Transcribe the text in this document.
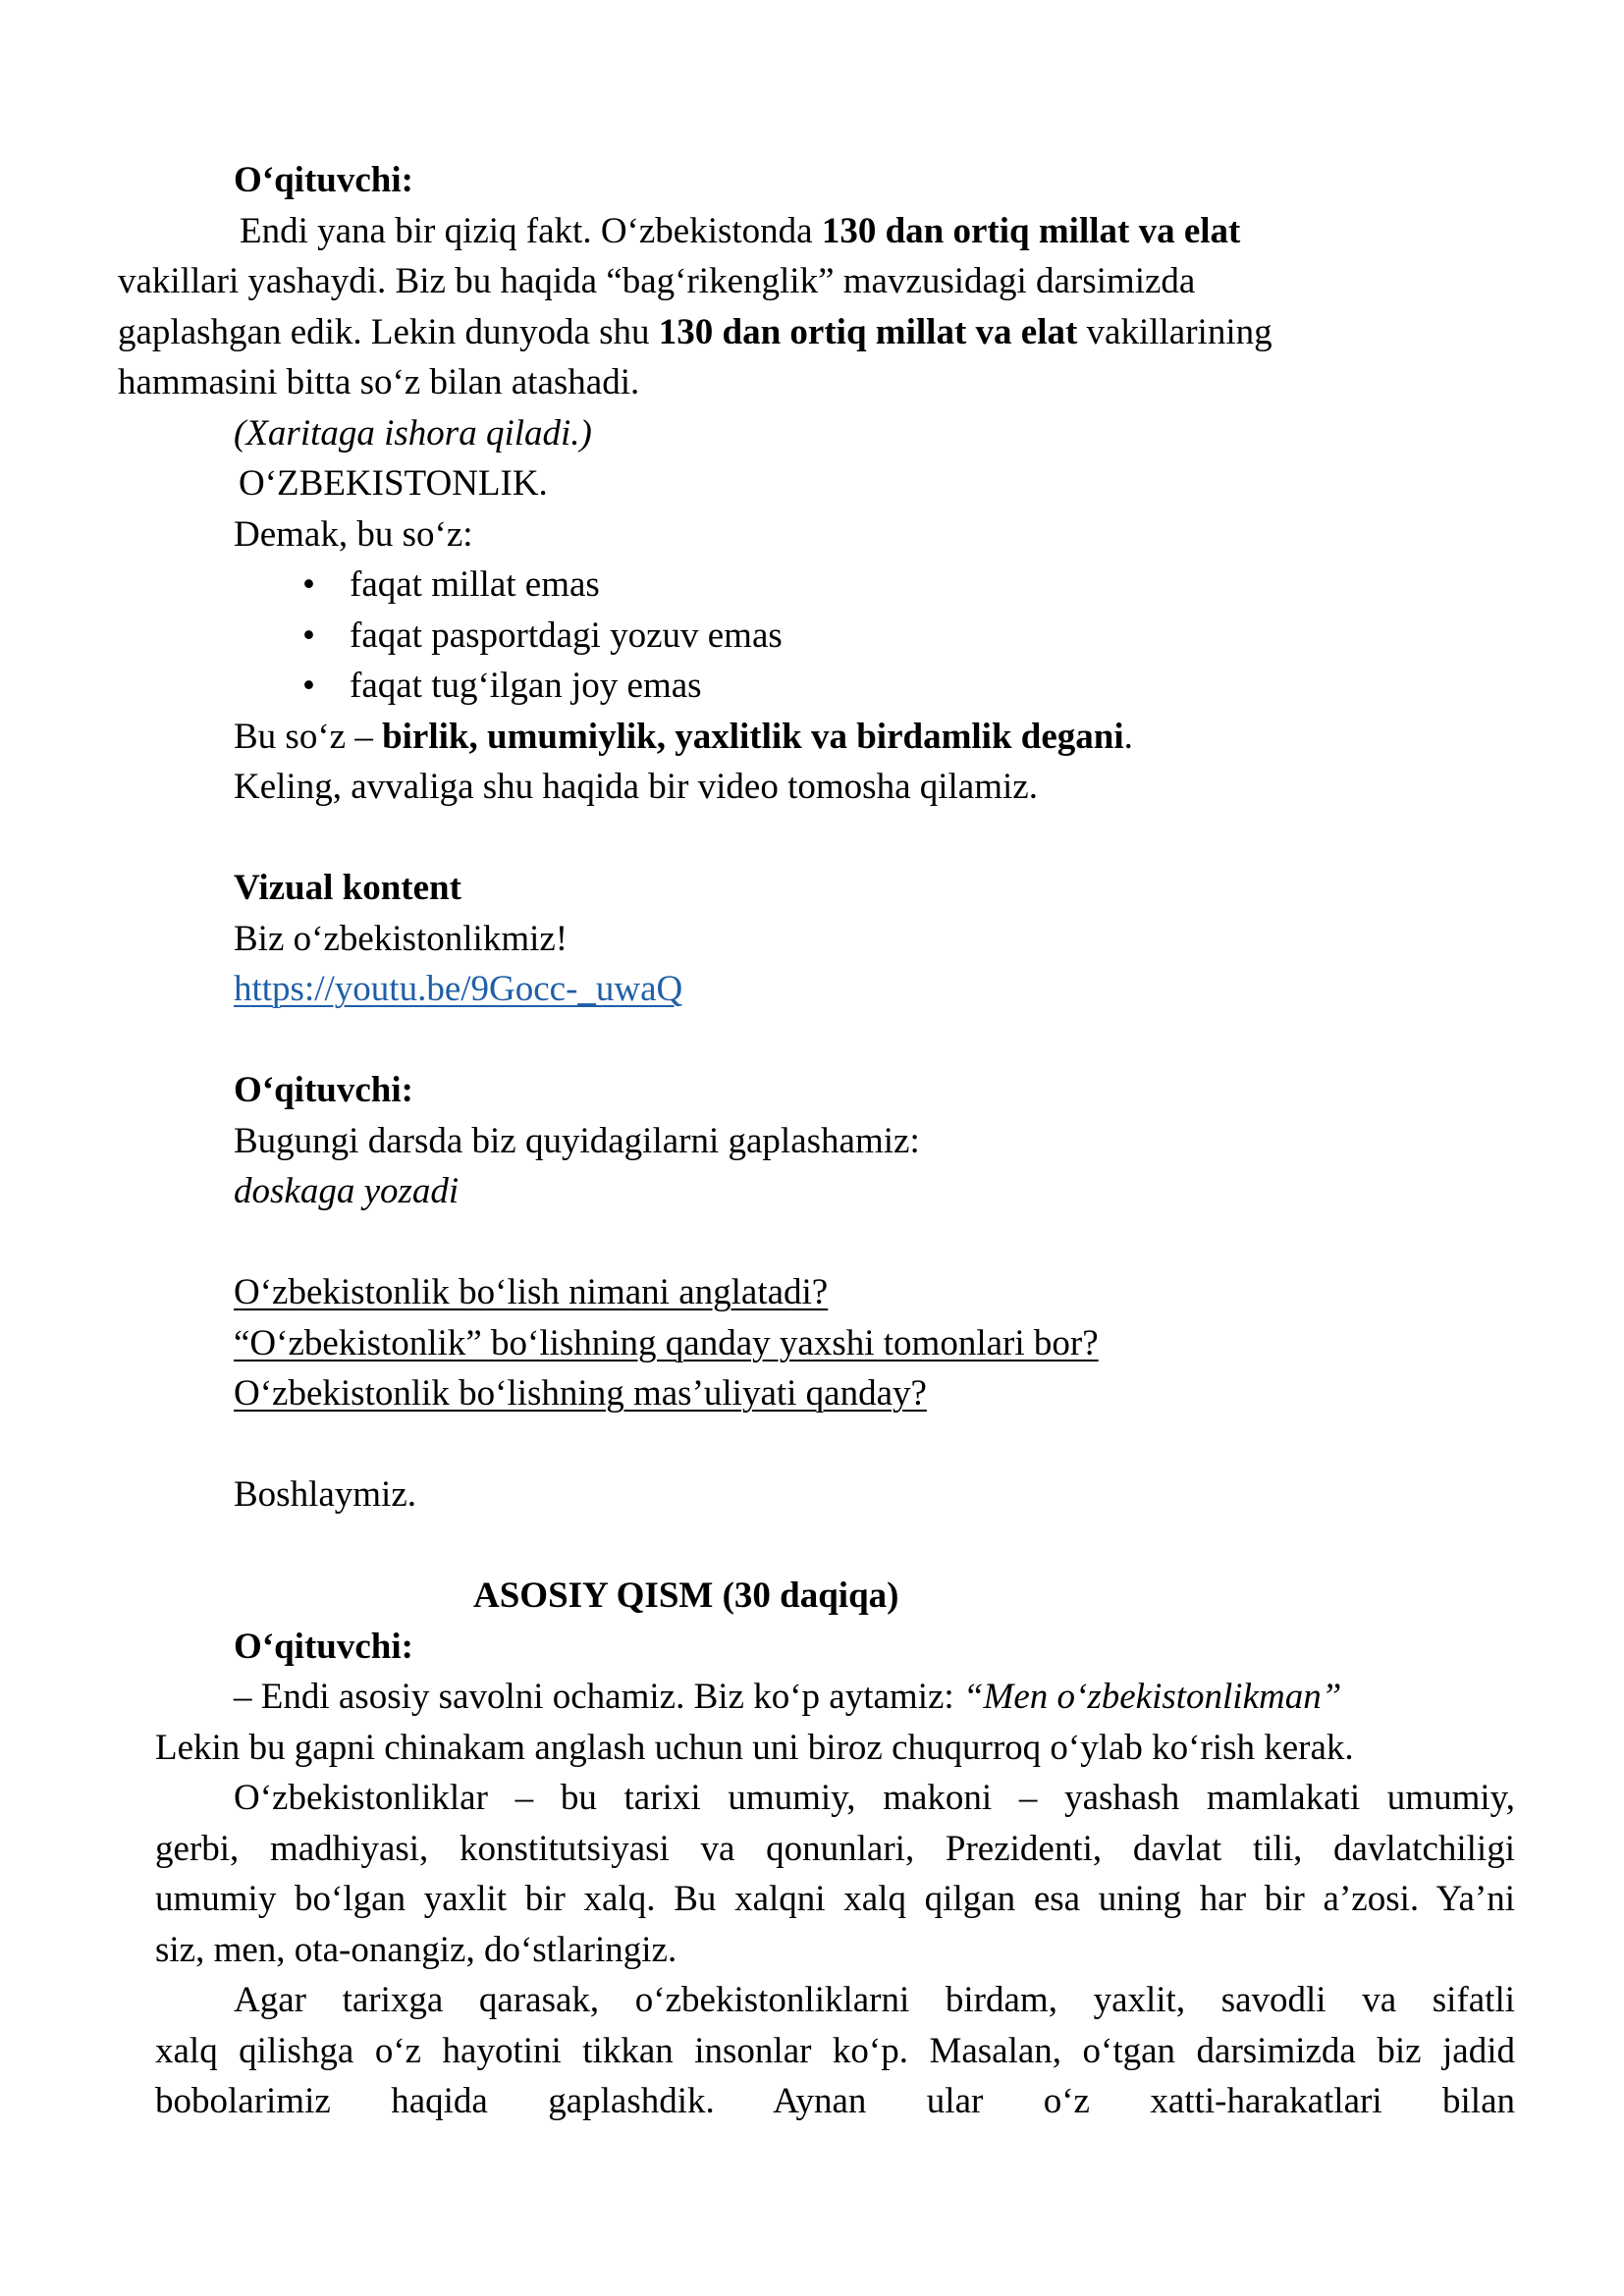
O‘qituvchi:
Endi yana bir qiziq fakt. O‘zbekistonda 130 dan ortiq millat va elat
vakillari yashaydi. Biz bu haqida “bag‘rikenglik” mavzusidagi darsimizda
gaplashgan edik. Lekin dunyoda shu 130 dan ortiq millat va elat vakillarining
hammasini bitta so‘z bilan atashadi.
(Xaritaga ishora qiladi.)
O‘ZBEKISTONLIK.
Demak, bu so‘z:
• faqat millat emas
• faqat pasportdagi yozuv emas
• faqat tug‘ilgan joy emas
Bu so‘z – birlik, umumiylik, yaxlitlik va birdamlik degani.
Keling, avvaliga shu haqida bir video tomosha qilamiz.
Vizual kontent
Biz o‘zbekistonlikmiz!
https://youtu.be/9Gocc-_uwaQ
O‘qituvchi:
Bugungi darsda biz quyidagilarni gaplashamiz:
doskaga yozadi
O‘zbekistonlik bo‘lish nimani anglatadi?
“O‘zbekistonlik” bo‘lishning qanday yaxshi tomonlari bor?
O‘zbekistonlik bo‘lishning mas’uliyati qanday?
Boshlaymiz.
ASOSIY QISM (30 daqiqa)
O‘qituvchi:
– Endi asosiy savolni ochamiz. Biz ko‘p aytamiz: “Men o‘zbekistonlikman”
Lekin bu gapni chinakam anglash uchun uni biroz chuqurroq o‘ylab ko‘rish kerak.
O‘zbekistonliklar – bu tarixi umumiy, makoni – yashash mamlakati umumiy,
gerbi, madhiyasi, konstitutsiyasi va qonunlari, Prezidenti, davlat tili, davlatchiligi
umumiy bo‘lgan yaxlit bir xalq. Bu xalqni xalq qilgan esa uning har bir a’zosi. Ya’ni
siz, men, ota-onangiz, do‘stlaringiz.
Agar tarixga qarasak, o‘zbekistonliklarni birdam, yaxlit, savodli va sifatli
xalq qilishga o‘z hayotini tikkan insonlar ko‘p. Masalan, o‘tgan darsimizda biz jadid
bobolarimiz haqida gaplashdik. Aynan ular o‘z xatti-harakatlari bilan
